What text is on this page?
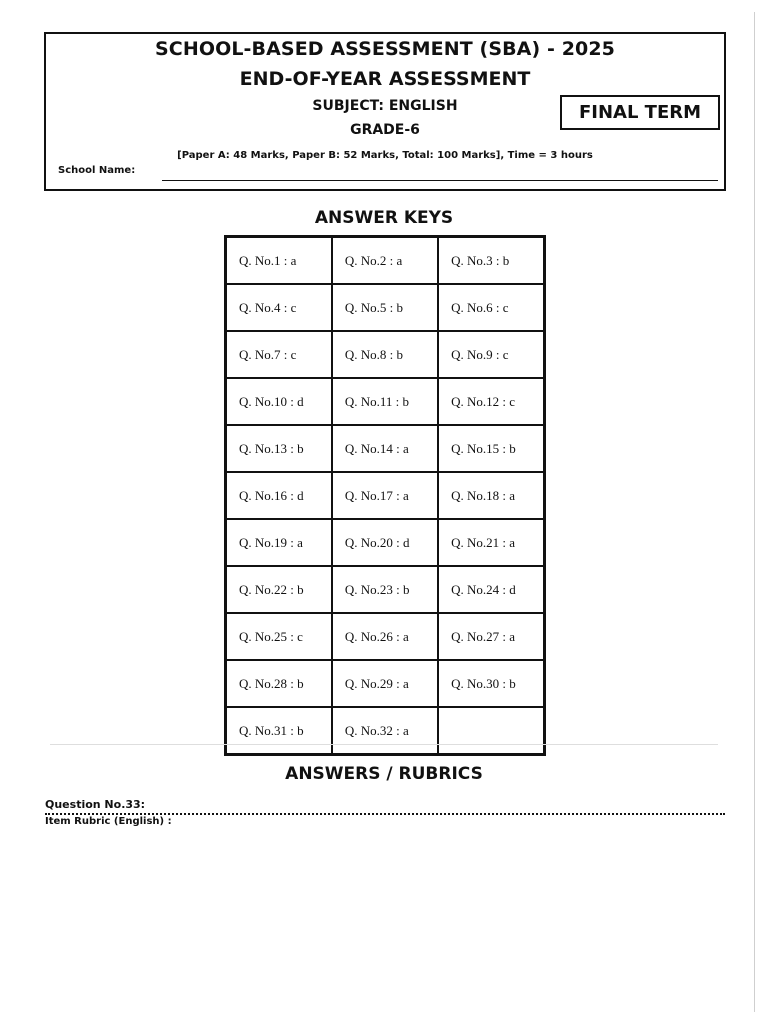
SCHOOL-BASED ASSESSMENT (SBA) - 2025
END-OF-YEAR ASSESSMENT
SUBJECT: ENGLISH
GRADE-6
FINAL TERM
[Paper A: 48 Marks, Paper B: 52 Marks, Total: 100 Marks], Time = 3 hours
School Name:
ANSWER KEYS
Q. No.1 : a	Q. No.2 : a	Q. No.3 : b
Q. No.4 : c	Q. No.5 : b	Q. No.6 : c
Q. No.7 : c	Q. No.8 : b	Q. No.9 : c
Q. No.10 : d	Q. No.11 : b	Q. No.12 : c
Q. No.13 : b	Q. No.14 : a	Q. No.15 : b
Q. No.16 : d	Q. No.17 : a	Q. No.18 : a
Q. No.19 : a	Q. No.20 : d	Q. No.21 : a
Q. No.22 : b	Q. No.23 : b	Q. No.24 : d
Q. No.25 : c	Q. No.26 : a	Q. No.27 : a
Q. No.28 : b	Q. No.29 : a	Q. No.30 : b
Q. No.31 : b	Q. No.32 : a	
ANSWERS / RUBRICS
Question No.33:
Item Rubric (English) :
